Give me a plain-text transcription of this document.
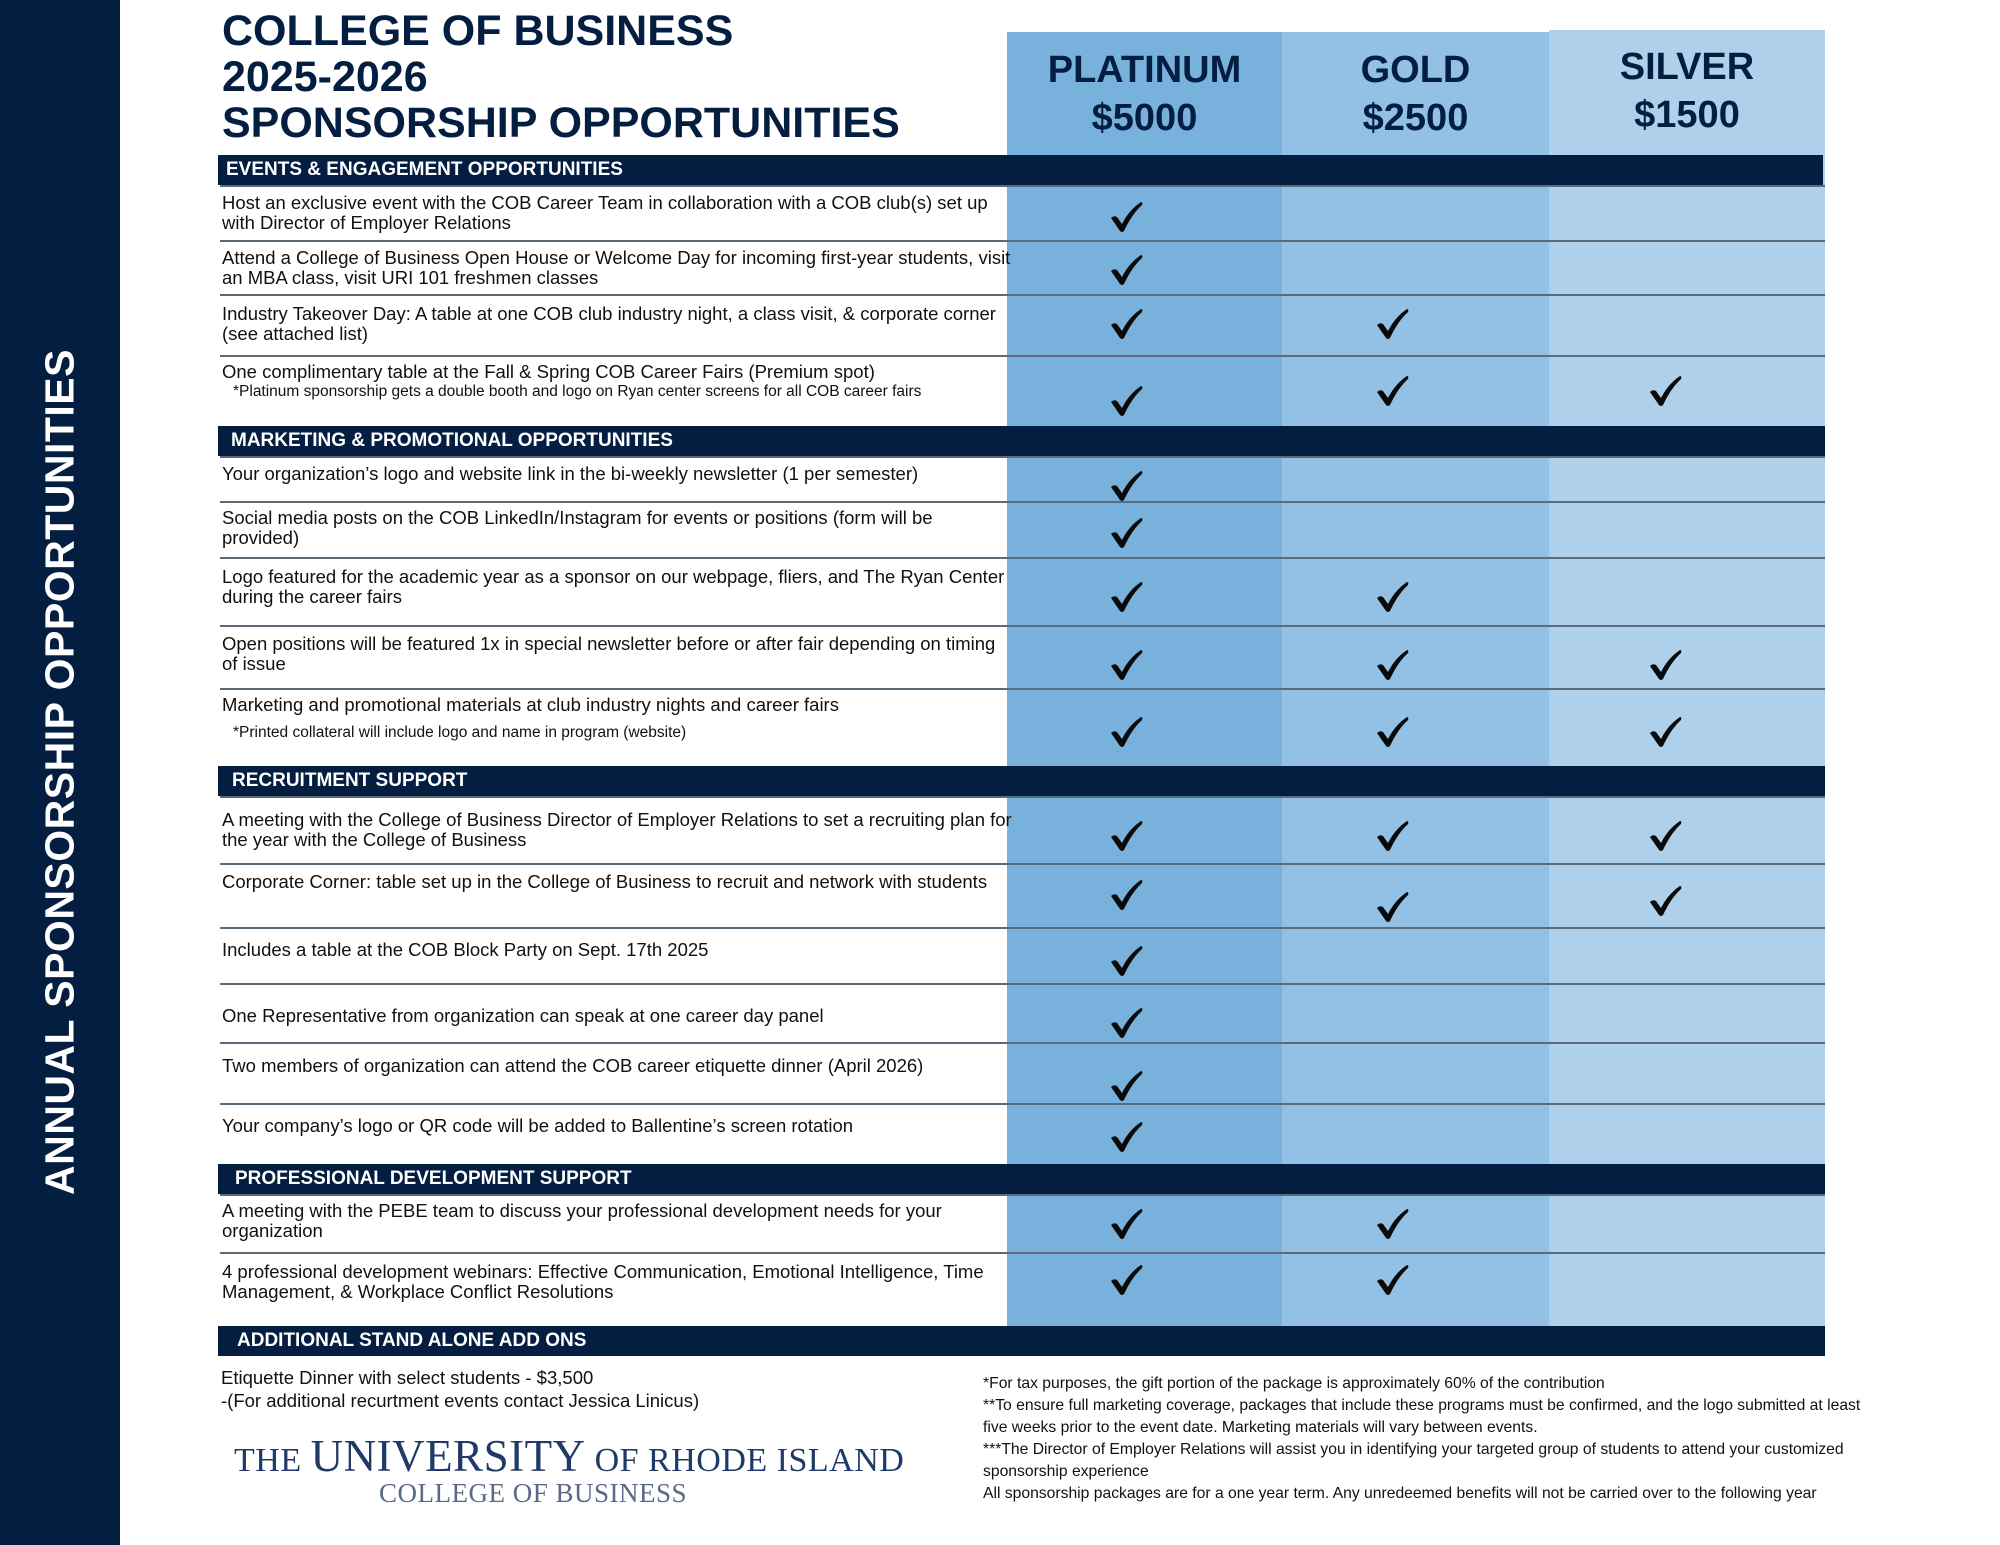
ANNUAL SPONSORSHIP OPPORTUNITIES
COLLEGE OF BUSINESS
2025-2026
SPONSORSHIP OPPORTUNITIES
PLATINUM
$5000
GOLD
$2500
SILVER
$1500
Host an exclusive event with the COB Career Team in collaboration with a COB club(s) set up with Director of Employer Relations
Attend a College of Business Open House or Welcome Day for incoming first-year students, visit an MBA class, visit URI 101 freshmen classes
Industry Takeover Day: A table at one COB club industry night, a class visit, & corporate corner (see attached list)
One complimentary table at the Fall & Spring COB Career Fairs (Premium spot)
*Platinum sponsorship gets a double booth and logo on Ryan center screens for all COB career fairs
Your organization’s logo and website link in the bi-weekly newsletter (1 per semester)
Social media posts on the COB LinkedIn/Instagram for events or positions (form will be provided)
Logo featured for the academic year as a sponsor on our webpage, fliers, and The Ryan Center during the career fairs
Open positions will be featured 1x in special newsletter before or after fair depending on timing of issue
Marketing and promotional materials at club industry nights and career fairs
*Printed collateral will include logo and name in program (website)
A meeting with the College of Business Director of Employer Relations to set a recruiting plan for the year with the College of Business
Corporate Corner: table set up in the College of Business to recruit and network with students
Includes a table at the COB Block Party on Sept. 17th 2025
One Representative from organization can speak at one career day panel
Two members of organization can attend the COB career etiquette dinner (April 2026)
Your company’s logo or QR code will be added to Ballentine’s screen rotation
A meeting with the PEBE team to discuss your professional development needs for your organization
4 professional development webinars: Effective Communication, Emotional Intelligence, Time Management, & Workplace Conflict Resolutions
EVENTS & ENGAGEMENT OPPORTUNITIES
MARKETING & PROMOTIONAL OPPORTUNITIES
RECRUITMENT SUPPORT
PROFESSIONAL DEVELOPMENT SUPPORT
ADDITIONAL STAND ALONE ADD ONS
Etiquette Dinner with select students - $3,500
-(For additional recurtment events contact Jessica Linicus)
THE UNIVERSITY OF RHODE ISLAND
COLLEGE OF BUSINESS
*For tax purposes, the gift portion of the package is approximately 60% of the contribution
**To ensure full marketing coverage, packages that include these programs must be confirmed, and the logo submitted at least five weeks prior to the event date. Marketing materials will vary between events.
***The Director of Employer Relations will assist you in identifying your targeted group of students to attend your customized sponsorship experience
All sponsorship packages are for a one year term. Any unredeemed benefits will not be carried over to the following year
